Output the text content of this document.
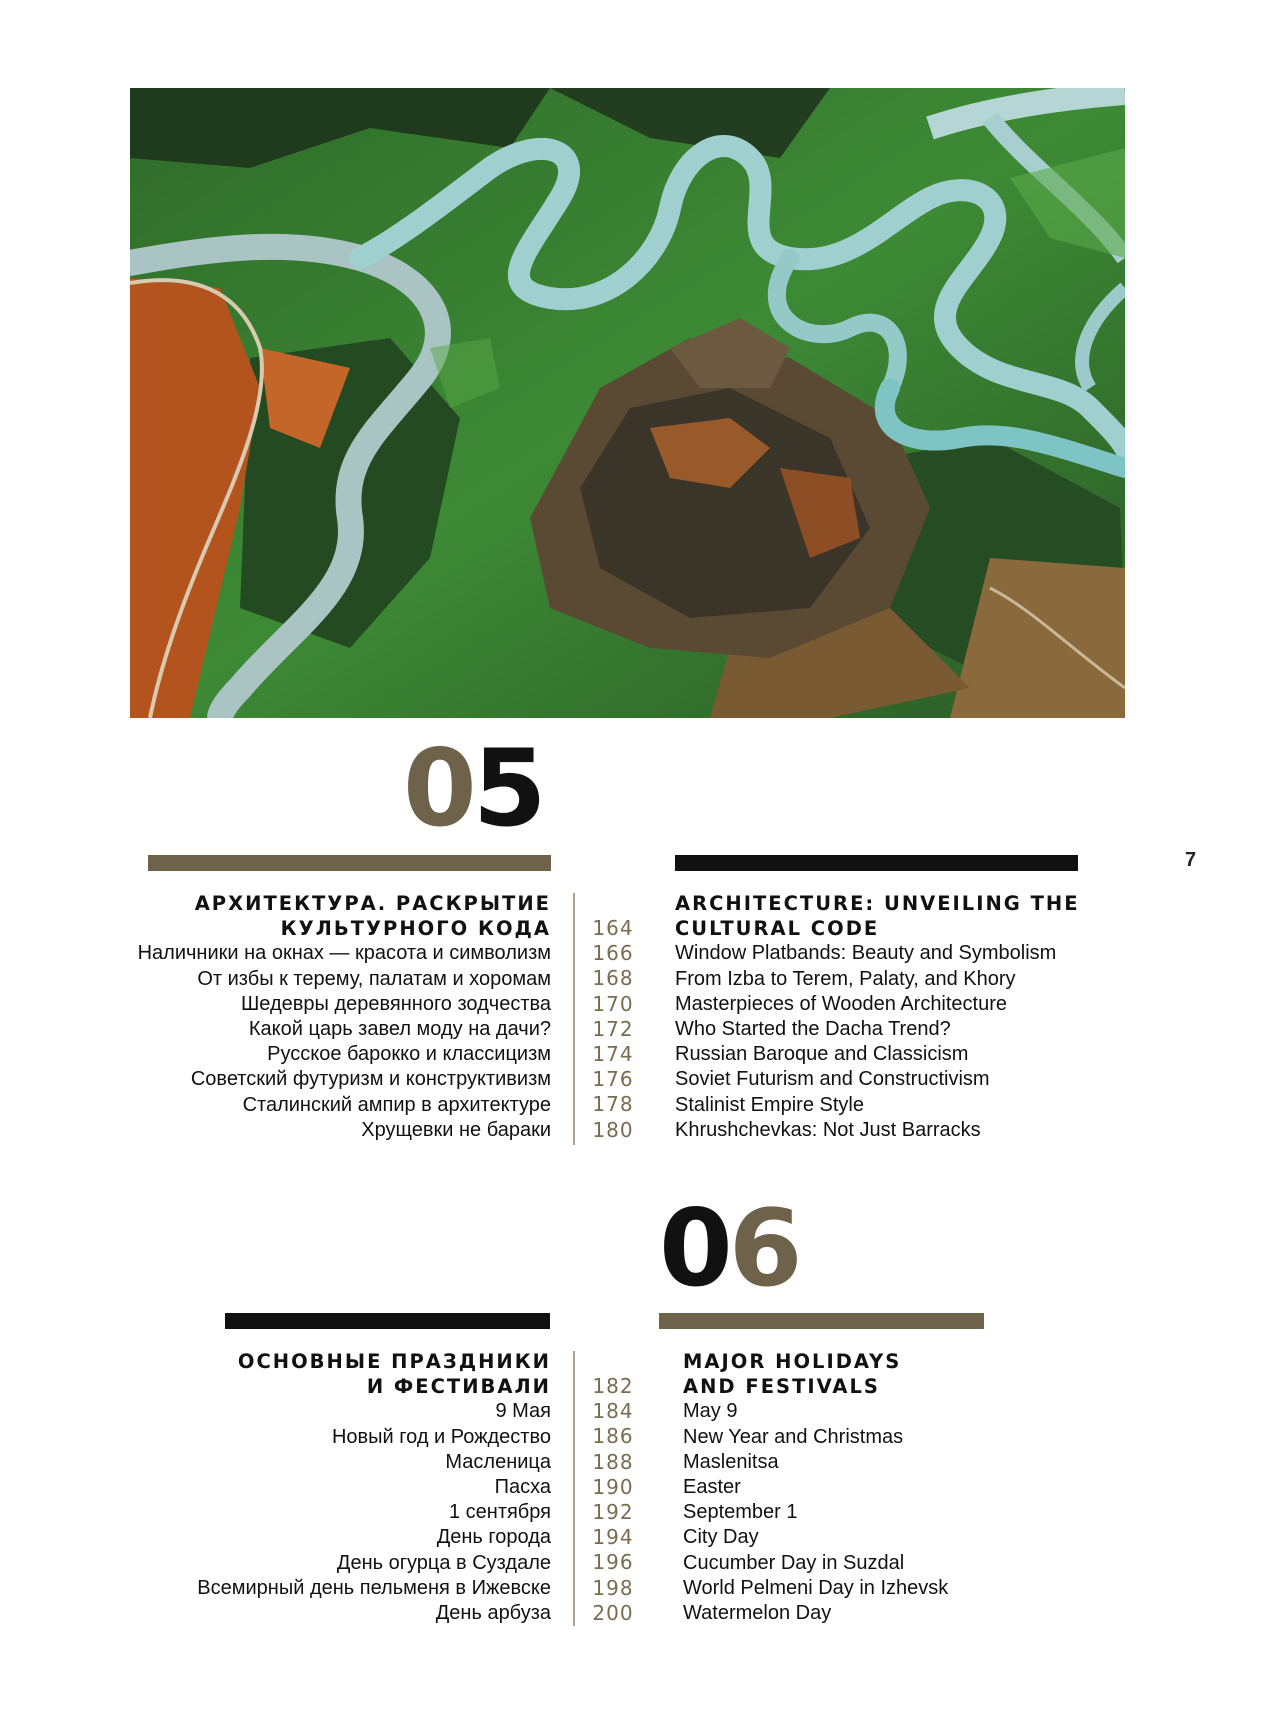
05
06
7
АРХИТЕКТУРА. РАСКРЫТИЕ
КУЛЬТУРНОГО КОДА
Наличники на окнах — красота и символизм
От избы к терему, палатам и хоромам
Шедевры деревянного зодчества
Какой царь завел моду на дачи?
Русское барокко и классицизм
Советский футуризм и конструктивизм
Сталинский ампир в архитектуре
Хрущевки не бараки
164
166
168
170
172
174
176
178
180
ARCHITECTURE: UNVEILING THE
CULTURAL CODE
Window Platbands: Beauty and Symbolism
From Izba to Terem, Palaty, and Khory
Masterpieces of Wooden Architecture
Who Started the Dacha Trend?
Russian Baroque and Classicism
Soviet Futurism and Constructivism
Stalinist Empire Style
Khrushchevkas: Not Just Barracks
ОСНОВНЫЕ ПРАЗДНИКИ
И ФЕСТИВАЛИ
9 Мая
Новый год и Рождество
Масленица
Пасха
1 сентября
День города
День огурца в Суздале
Всемирный день пельменя в Ижевске
День арбуза
182
184
186
188
190
192
194
196
198
200
MAJOR HOLIDAYS
AND FESTIVALS
May 9
New Year and Christmas
Maslenitsa
Easter
September 1
City Day
Cucumber Day in Suzdal
World Pelmeni Day in Izhevsk
Watermelon Day
